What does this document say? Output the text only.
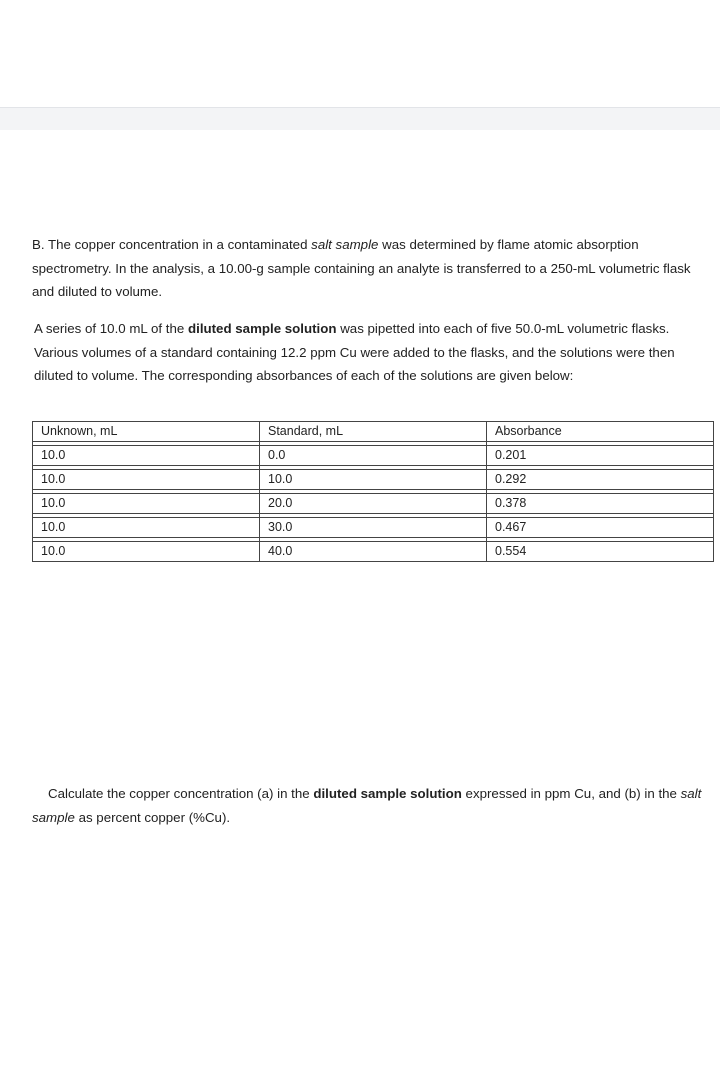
B. The copper concentration in a contaminated salt sample was determined by flame atomic absorption spectrometry. In the analysis, a 10.00-g sample containing an analyte is transferred to a 250-mL volumetric flask and diluted to volume.

A series of 10.0 mL of the diluted sample solution was pipetted into each of five 50.0-mL volumetric flasks. Various volumes of a standard containing 12.2 ppm Cu were added to the flasks, and the solutions were then diluted to volume. The corresponding absorbances of each of the solutions are given below:

Unknown, mL	Standard, mL	Absorbance

10.0	0.0	0.201

10.0	10.0	0.292

10.0	20.0	0.378

10.0	30.0	0.467

10.0	40.0	0.554

Calculate the copper concentration (a) in the diluted sample solution expressed in ppm Cu, and (b) in the salt sample as percent copper (%Cu).
